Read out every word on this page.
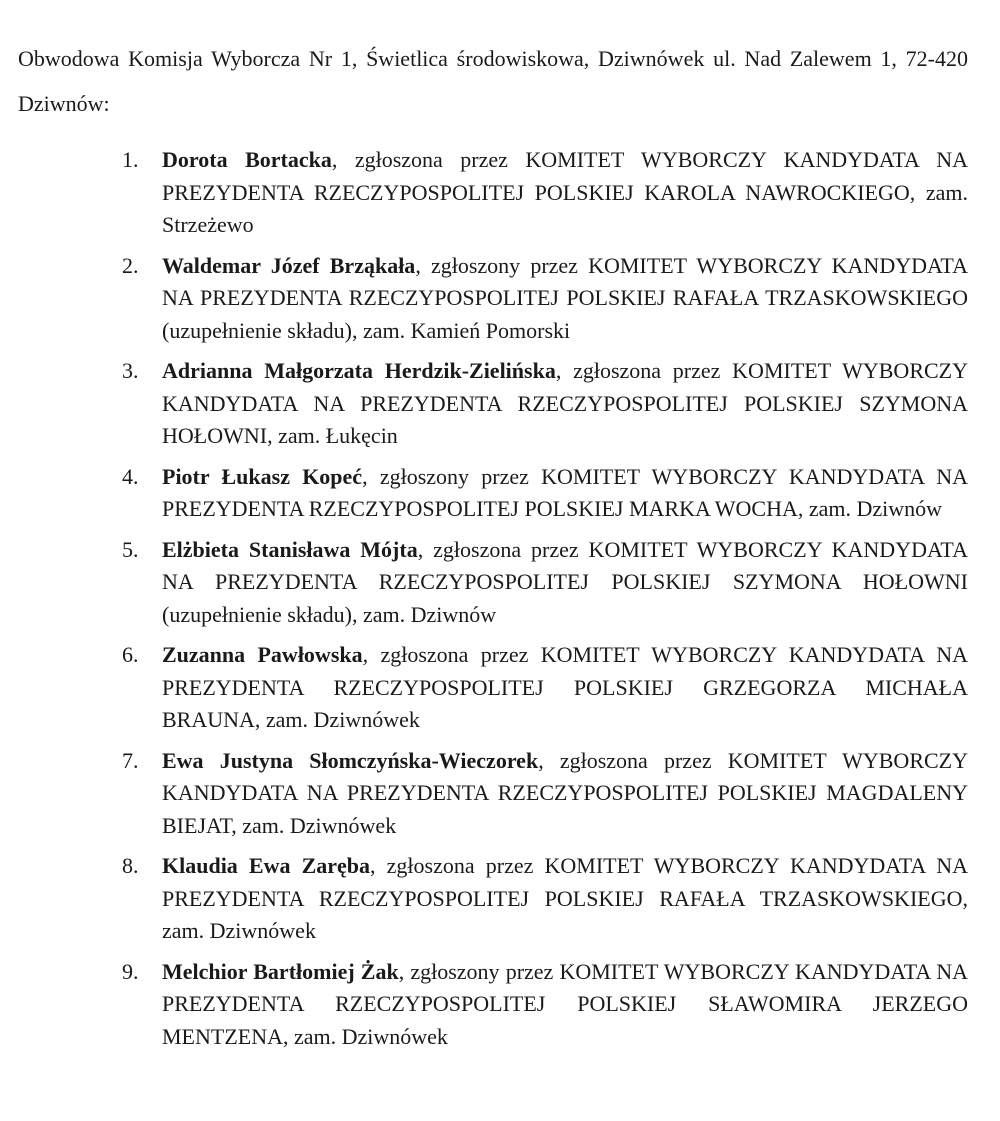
Obwodowa Komisja Wyborcza Nr 1, Świetlica środowiskowa, Dziwnówek ul. Nad Zalewem 1, 72-420 Dziwnów:

1.	Dorota Bortacka, zgłoszona przez KOMITET WYBORCZY KANDYDATA NA PREZYDENTA RZECZYPOSPOLITEJ POLSKIEJ KAROLA NAWROCKIEGO, zam. Strzeżewo
2.	Waldemar Józef Brząkała, zgłoszony przez KOMITET WYBORCZY KANDYDATA NA PREZYDENTA RZECZYPOSPOLITEJ POLSKIEJ RAFAŁA TRZASKOWSKIEGO (uzupełnienie składu), zam. Kamień Pomorski
3.	Adrianna Małgorzata Herdzik-Zielińska, zgłoszona przez KOMITET WYBORCZY KANDYDATA NA PREZYDENTA RZECZYPOSPOLITEJ POLSKIEJ SZYMONA HOŁOWNI, zam. Łukęcin
4.	Piotr Łukasz Kopeć, zgłoszony przez KOMITET WYBORCZY KANDYDATA NA PREZYDENTA RZECZYPOSPOLITEJ POLSKIEJ MARKA WOCHA, zam. Dziwnów
5.	Elżbieta Stanisława Mójta, zgłoszona przez KOMITET WYBORCZY KANDYDATA NA PREZYDENTA RZECZYPOSPOLITEJ POLSKIEJ SZYMONA HOŁOWNI (uzupełnienie składu), zam. Dziwnów
6.	Zuzanna Pawłowska, zgłoszona przez KOMITET WYBORCZY KANDYDATA NA PREZYDENTA RZECZYPOSPOLITEJ POLSKIEJ GRZEGORZA MICHAŁA BRAUNA, zam. Dziwnówek
7.	Ewa Justyna Słomczyńska-Wieczorek, zgłoszona przez KOMITET WYBORCZY KANDYDATA NA PREZYDENTA RZECZYPOSPOLITEJ POLSKIEJ MAGDALENY BIEJAT, zam. Dziwnówek
8.	Klaudia Ewa Zaręba, zgłoszona przez KOMITET WYBORCZY KANDYDATA NA PREZYDENTA RZECZYPOSPOLITEJ POLSKIEJ RAFAŁA TRZASKOWSKIEGO, zam. Dziwnówek
9.	Melchior Bartłomiej Żak, zgłoszony przez KOMITET WYBORCZY KANDYDATA NA PREZYDENTA RZECZYPOSPOLITEJ POLSKIEJ SŁAWOMIRA JERZEGO MENTZENA, zam. Dziwnówek
